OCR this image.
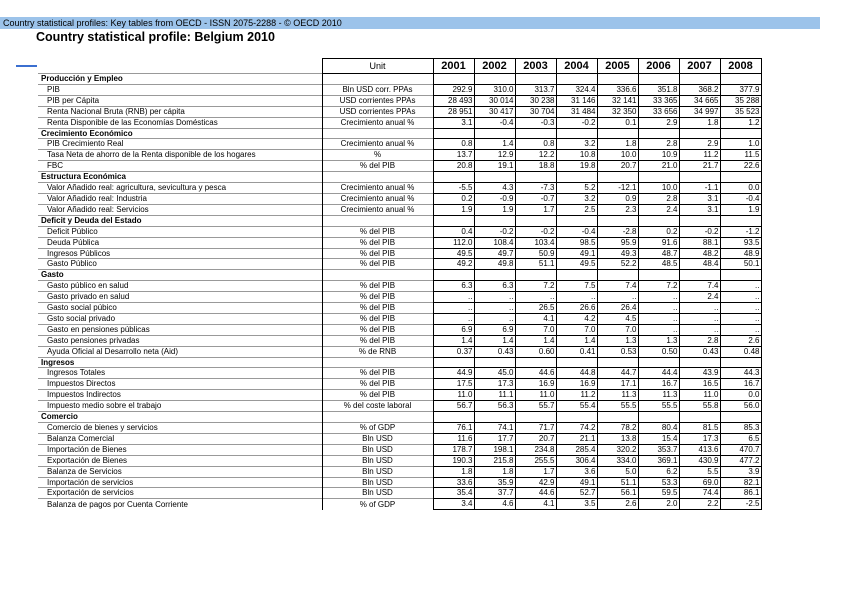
Country statistical profiles: Key tables from OECD - ISSN 2075-2288 - © OECD 2010
Country statistical profile: Belgium 2010
	Unit	2001	2002	2003	2004	2005	2006	2007	2008
Producción y Empleo									
PIB	Bln USD corr. PPAs	292.9	310.0	313.7	324.4	336.6	351.8	368.2	377.9
PIB per Cápita	USD corrientes PPAs	28 493	30 014	30 238	31 146	32 141	33 365	34 665	35 288
Renta Nacional Bruta (RNB) per cápita	USD corrientes PPAs	28 951	30 417	30 704	31 484	32 350	33 656	34 997	35 523
Renta Disponible de las Economías Domésticas	Crecimiento anual %	3.1	-0.4	-0.3	-0.2	0.1	2.9	1.8	1.2
Crecimiento Económico									
PIB Crecimiento Real	Crecimiento anual %	0.8	1.4	0.8	3.2	1.8	2.8	2.9	1.0
Tasa Neta de ahorro de la Renta disponible de los hogares	%	13.7	12.9	12.2	10.8	10.0	10.9	11.2	11.5
FBC	% del PIB	20.8	19.1	18.8	19.8	20.7	21.0	21.7	22.6
Estructura Económica									
Valor Añadido real: agricultura, sevicultura y pesca	Crecimiento anual %	-5.5	4.3	-7.3	5.2	-12.1	10.0	-1.1	0.0
Valor Añadido real: Industria	Crecimiento anual %	0.2	-0.9	-0.7	3.2	0.9	2.8	3.1	-0.4
Valor Añadido real: Servicios	Crecimiento anual %	1.9	1.9	1.7	2.5	2.3	2.4	3.1	1.9
Deficit y Deuda del Estado									
Deficit Público	% del PIB	0.4	-0.2	-0.2	-0.4	-2.8	0.2	-0.2	-1.2
Deuda Pública	% del PIB	112.0	108.4	103.4	98.5	95.9	91.6	88.1	93.5
Ingresos Públicos	% del PIB	49.5	49.7	50.9	49.1	49.3	48.7	48.2	48.9
Gasto Público	% del PIB	49.2	49.8	51.1	49.5	52.2	48.5	48.4	50.1
Gasto									
Gasto público en salud	% del PIB	6.3	6.3	7.2	7.5	7.4	7.2	7.4	..
Gasto privado en salud	% del PIB	..	..	..	..	..	..	2.4	..
Gasto social púbico	% del PIB	..	..	26.5	26.6	26.4	..	..	..
Gsto social privado	% del PIB	..	..	4.1	4.2	4.5	..	..	..
Gasto en pensiones públicas	% del PIB	6.9	6.9	7.0	7.0	7.0	..	..	..
Gasto pensiones privadas	% del PIB	1.4	1.4	1.4	1.4	1.3	1.3	2.8	2.6
Ayuda Oficial al Desarrollo neta (Aid)	% de RNB	0.37	0.43	0.60	0.41	0.53	0.50	0.43	0.48
Ingresos									
Ingresos Totales	% del PIB	44.9	45.0	44.6	44.8	44.7	44.4	43.9	44.3
Impuestos Directos	% del PIB	17.5	17.3	16.9	16.9	17.1	16.7	16.5	16.7
Impuestos Indirectos	% del PIB	11.0	11.1	11.0	11.2	11.3	11.3	11.0	0.0
Impuesto medio sobre el trabajo	% del coste laboral	56.7	56.3	55.7	55.4	55.5	55.5	55.8	56.0
Comercio									
Comercio de bienes y servicios	% of GDP	76.1	74.1	71.7	74.2	78.2	80.4	81.5	85.3
Balanza Comercial	Bln USD	11.6	17.7	20.7	21.1	13.8	15.4	17.3	6.5
Importación de Bienes	Bln USD	178.7	198.1	234.8	285.4	320.2	353.7	413.6	470.7
Exportación de Bienes	Bln USD	190.3	215.8	255.5	306.4	334.0	369.1	430.9	477.2
Balanza de Servicios	Bln USD	1.8	1.8	1.7	3.6	5.0	6.2	5.5	3.9
Importación de servicios	Bln USD	33.6	35.9	42.9	49.1	51.1	53.3	69.0	82.1
Exportación de servicios	Bln USD	35.4	37.7	44.6	52.7	56.1	59.5	74.4	86.1
Balanza de pagos por Cuenta Corriente	% of GDP	3.4	4.6	4.1	3.5	2.6	2.0	2.2	-2.5
